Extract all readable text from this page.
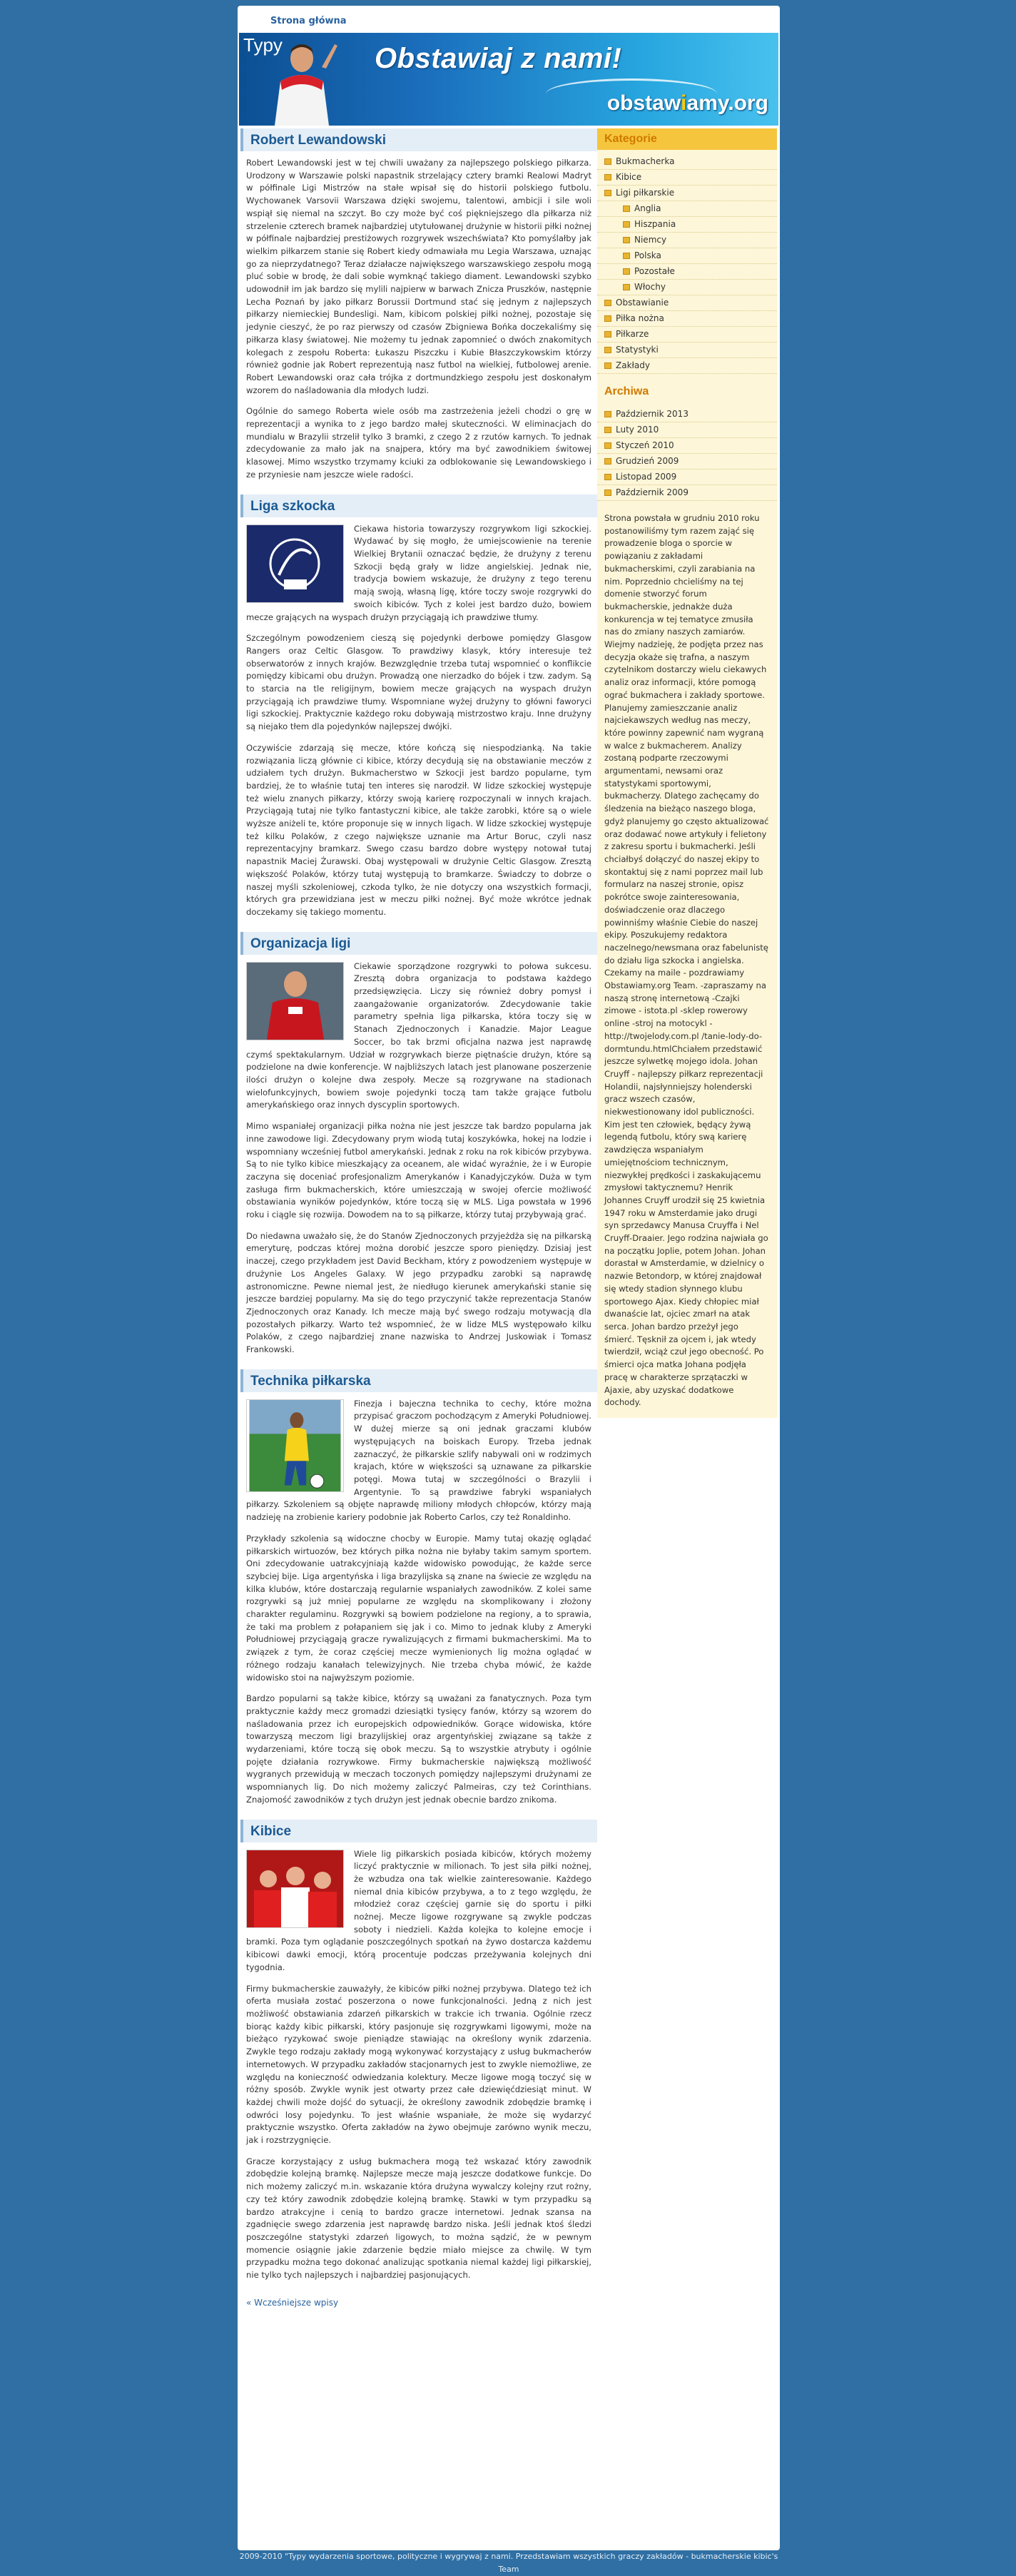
Strona główna
Typy	Obstawiaj z nami!
obstawiamy.org
Robert Lewandowski

Robert Lewandowski jest w tej chwili uważany za najlepszego polskiego piłkarza. Urodzony w Warszawie polski napastnik strzelający cztery bramki Realowi Madryt w półfinale Ligi Mistrzów na stałe wpisał się do historii polskiego futbolu. Wychowanek Varsovii Warszawa dzięki swojemu, talentowi, ambicji i sile woli wspiął się niemal na szczyt. Bo czy może być coś piękniejszego dla piłkarza niż strzelenie czterech bramek najbardziej utytułowanej drużynie w historii piłki nożnej w półfinale najbardziej prestiżowych rozgrywek wszechświata? Kto pomyślałby jak wielkim piłkarzem stanie się Robert kiedy odmawiała mu Legia Warszawa, uznając go za nieprzydatnego? Teraz działacze największego warszawskiego zespołu mogą pluć sobie w brodę, że dali sobie wymknąć takiego diament. Lewandowski szybko udowodnił im jak bardzo się mylili najpierw w barwach Znicza Pruszków, następnie Lecha Poznań by jako piłkarz Borussii Dortmund stać się jednym z najlepszych piłkarzy niemieckiej Bundesligi. Nam, kibicom polskiej piłki nożnej, pozostaje się jedynie cieszyć, że po raz pierwszy od czasów Zbigniewa Bońka doczekaliśmy się piłkarza klasy światowej. Nie możemy tu jednak zapomnieć o dwóch znakomitych kolegach z zespołu Roberta: Łukaszu Piszczku i Kubie Błaszczykowskim którzy również godnie jak Robert reprezentują nasz futbol na wielkiej, futbolowej arenie. Robert Lewandowski oraz cała trójka z dortmundzkiego zespołu jest doskonałym wzorem do naśladowania dla młodych ludzi.

Ogólnie do samego Roberta wiele osób ma zastrzeżenia jeżeli chodzi o grę w reprezentacji a wynika to z jego bardzo małej skuteczności. W eliminacjach do mundialu w Brazylii strzelił tylko 3 bramki, z czego 2 z rzutów karnych. To jednak zdecydowanie za mało jak na snajpera, który ma być zawodnikiem świtowej klasowej. Mimo wszystko trzymamy kciuki za odblokowanie się Lewandowskiego i ze przyniesie nam jeszcze wiele radości.

Liga szkocka

Ciekawa historia towarzyszy rozgrywkom ligi szkockiej. Wydawać by się mogło, że umiejscowienie na terenie Wielkiej Brytanii oznaczać będzie, że drużyny z terenu Szkocji będą grały w lidze angielskiej. Jednak nie, tradycja bowiem wskazuje, że drużyny z tego terenu mają swoją, własną ligę, które toczy swoje rozgrywki do swoich kibiców. Tych z kolei jest bardzo dużo, bowiem mecze grających na wyspach drużyn przyciągają ich prawdziwe tłumy.

Szczególnym powodzeniem cieszą się pojedynki derbowe pomiędzy Glasgow Rangers oraz Celtic Glasgow. To prawdziwy klasyk, który interesuje też obserwatorów z innych krajów. Bezwzględnie trzeba tutaj wspomnieć o konflikcie pomiędzy kibicami obu drużyn. Prowadzą one nierzadko do bójek i tzw. zadym. Są to starcia na tle religijnym, bowiem mecze grających na wyspach drużyn przyciągają ich prawdziwe tłumy. Wspomniane wyżej drużyny to główni faworyci ligi szkockiej. Praktycznie każdego roku dobywają mistrzostwo kraju. Inne drużyny są niejako tłem dla pojedynków najlepszej dwójki.

Oczywiście zdarzają się mecze, które kończą się niespodzianką. Na takie rozwiązania liczą głównie ci kibice, którzy decydują się na obstawianie meczów z udziałem tych drużyn. Bukmacherstwo w Szkocji jest bardzo popularne, tym bardziej, że to właśnie tutaj ten interes się narodził. W lidze szkockiej występuje też wielu znanych piłkarzy, którzy swoją karierę rozpoczynali w innych krajach. Przyciągają tutaj nie tylko fantastyczni kibice, ale także zarobki, które są o wiele wyższe aniżeli te, które proponuje się w innych ligach. W lidze szkockiej występuje też kilku Polaków, z czego największe uznanie ma Artur Boruc, czyli nasz reprezentacyjny bramkarz. Swego czasu bardzo dobre występy notował tutaj napastnik Maciej Żurawski. Obaj występowali w drużynie Celtic Glasgow. Zresztą większość Polaków, którzy tutaj występują to bramkarze. Świadczy to dobrze o naszej myśli szkoleniowej, czkoda tylko, że nie dotyczy ona wszystkich formacji, których gra przewidziana jest w meczu piłki nożnej. Być może wkrótce jednak doczekamy się takiego momentu.

Organizacja ligi

Ciekawie sporządzone rozgrywki to połowa sukcesu. Zresztą dobra organizacja to podstawa każdego przedsięwzięcia. Liczy się również dobry pomysł i zaangażowanie organizatorów. Zdecydowanie takie parametry spełnia liga piłkarska, która toczy się w Stanach Zjednoczonych i Kanadzie. Major League Soccer, bo tak brzmi oficjalna nazwa jest naprawdę czymś spektakularnym. Udział w rozgrywkach bierze piętnaście drużyn, które są podzielone na dwie konferencje. W najbliższych latach jest planowane poszerzenie ilości drużyn o kolejne dwa zespoły. Mecze są rozgrywane na stadionach wielofunkcyjnych, bowiem swoje pojedynki toczą tam także grające futbolu amerykańskiego oraz innych dyscyplin sportowych.

Mimo wspaniałej organizacji piłka nożna nie jest jeszcze tak bardzo popularna jak inne zawodowe ligi. Zdecydowany prym wiodą tutaj koszykówka, hokej na lodzie i wspomniany wcześniej futbol amerykański. Jednak z roku na rok kibiców przybywa. Są to nie tylko kibice mieszkający za oceanem, ale widać wyraźnie, że i w Europie zaczyna się doceniać profesjonalizm Amerykanów i Kanadyjczyków. Duża w tym zasługa firm bukmacherskich, które umieszczają w swojej ofercie możliwość obstawiania wyników pojedynków, które toczą się w MLS. Liga powstała w 1996 roku i ciągle się rozwija. Dowodem na to są piłkarze, którzy tutaj przybywają grać.

Do niedawna uważało się, że do Stanów Zjednoczonych przyjeżdża się na piłkarską emeryturę, podczas której można dorobić jeszcze sporo pieniędzy. Dzisiaj jest inaczej, czego przykładem jest David Beckham, który z powodzeniem występuje w drużynie Los Angeles Galaxy. W jego przypadku zarobki są naprawdę astronomiczne. Pewne niemal jest, że niedługo kierunek amerykański stanie się jeszcze bardziej popularny. Ma się do tego przyczynić także reprezentacja Stanów Zjednoczonych oraz Kanady. Ich mecze mają być swego rodzaju motywacją dla pozostałych piłkarzy. Warto też wspomnieć, że w lidze MLS występowało kilku Polaków, z czego najbardziej znane nazwiska to Andrzej Juskowiak i Tomasz Frankowski.

Technika piłkarska

Finezja i bajeczna technika to cechy, które można przypisać graczom pochodzącym z Ameryki Południowej. W dużej mierze są oni jednak graczami klubów występujących na boiskach Europy. Trzeba jednak zaznaczyć, że piłkarskie szlify nabywali oni w rodzimych krajach, które w większości są uznawane za piłkarskie potęgi. Mowa tutaj w szczególności o Brazylii i Argentynie. To są prawdziwe fabryki wspaniałych piłkarzy. Szkoleniem są objęte naprawdę miliony młodych chłopców, którzy mają nadzieję na zrobienie kariery podobnie jak Roberto Carlos, czy też Ronaldinho.

Przykłady szkolenia są widoczne chocby w Europie. Mamy tutaj okazję oglądać piłkarskich wirtuozów, bez których piłka nożna nie byłaby takim samym sportem. Oni zdecydowanie uatrakcyjniają każde widowisko powodując, że każde serce szybciej bije. Liga argentyńska i liga brazylijska są znane na świecie ze względu na kilka klubów, które dostarczają regularnie wspaniałych zawodników. Z kolei same rozgrywki są już mniej popularne ze względu na skomplikowany i złożony charakter regulaminu. Rozgrywki są bowiem podzielone na regiony, a to sprawia, że taki ma problem z połapaniem się jak i co. Mimo to jednak kluby z Ameryki Południowej przyciągają gracze rywalizujących z firmami bukmacherskimi. Ma to związek z tym, że coraz częściej mecze wymienionych lig można oglądać w różnego rodzaju kanałach telewizyjnych. Nie trzeba chyba mówić, że każde widowisko stoi na najwyższym poziomie.

Bardzo popularni są także kibice, którzy są uważani za fanatycznych. Poza tym praktycznie każdy mecz gromadzi dziesiątki tysięcy fanów, którzy są wzorem do naśladowania przez ich europejskich odpowiedników. Gorące widowiska, które towarzyszą meczom ligi brazylijskiej oraz argentyńskiej związane są także z wydarzeniami, które toczą się obok meczu. Są to wszystkie atrybuty i ogólnie pojęte działania rozrywkowe. Firmy bukmacherskie największą możliwość wygranych przewidują w meczach toczonych pomiędzy najlepszymi drużynami ze wspomnianych lig. Do nich możemy zaliczyć Palmeiras, czy też Corinthians. Znajomość zawodników z tych drużyn jest jednak obecnie bardzo znikoma.

Kibice

Wiele lig piłkarskich posiada kibiców, których możemy liczyć praktycznie w milionach. To jest siła piłki nożnej, że wzbudza ona tak wielkie zainteresowanie. Każdego niemal dnia kibiców przybywa, a to z tego względu, że młodzież coraz częściej garnie się do sportu i piłki nożnej. Mecze ligowe rozgrywane są zwykle podczas soboty i niedzieli. Każda kolejka to kolejne emocje i bramki. Poza tym oglądanie poszczególnych spotkań na żywo dostarcza każdemu kibicowi dawki emocji, którą procentuje podczas przeżywania kolejnych dni tygodnia.

Firmy bukmacherskie zauważyły, że kibiców piłki nożnej przybywa. Dlatego też ich oferta musiała zostać poszerzona o nowe funkcjonalności. Jedną z nich jest możliwość obstawiania zdarzeń piłkarskich w trakcie ich trwania. Ogólnie rzecz biorąc każdy kibic piłkarski, który pasjonuje się rozgrywkami ligowymi, może na bieżąco ryzykować swoje pieniądze stawiając na określony wynik zdarzenia. Zwykle tego rodzaju zakłady mogą wykonywać korzystający z usług bukmacherów internetowych. W przypadku zakładów stacjonarnych jest to zwykle niemożliwe, ze względu na konieczność odwiedzania kolektury. Mecze ligowe mogą toczyć się w różny sposób. Zwykle wynik jest otwarty przez całe dziewięćdziesiąt minut. W każdej chwili może dojść do sytuacji, że określony zawodnik zdobędzie bramkę i odwróci losy pojedynku. To jest właśnie wspaniałe, że może się wydarzyć praktycznie wszystko. Oferta zakładów na żywo obejmuje zarówno wynik meczu, jak i rozstrzygnięcie.

Gracze korzystający z usług bukmachera mogą też wskazać który zawodnik zdobędzie kolejną bramkę. Najlepsze mecze mają jeszcze dodatkowe funkcje. Do nich możemy zaliczyć m.in. wskazanie która drużyna wywalczy kolejny rzut rożny, czy też który zawodnik zdobędzie kolejną bramkę. Stawki w tym przypadku są bardzo atrakcyjne i cenią to bardzo gracze internetowi. Jednak szansa na zgadnięcie swego zdarzenia jest naprawdę bardzo niska. Jeśli jednak ktoś śledzi poszczególne statystyki zdarzeń ligowych, to można sądzić, że w pewnym momencie osiągnie jakie zdarzenie będzie miało miejsce za chwilę. W tym przypadku można tego dokonać analizując spotkania niemal każdej ligi piłkarskiej, nie tylko tych najlepszych i najbardziej pasjonujących.

« Wcześniejsze wpisy
Kategorie
Bukmacherka
Kibice
Ligi piłkarskie
Anglia
Hiszpania
Niemcy
Polska
Pozostałe
Włochy
Obstawianie
Piłka nożna
Piłkarze
Statystyki
Zakłady
Archiwa
Październik 2013
Luty 2010
Styczeń 2010
Grudzień 2009
Listopad 2009
Październik 2009
Strona powstała w grudniu 2010 roku postanowiliśmy tym razem zająć się prowadzenie bloga o sporcie w powiązaniu z zakładami bukmacherskimi, czyli zarabiania na nim. Poprzednio chcieliśmy na tej domenie stworzyć forum bukmacherskie, jednakże duża konkurencja w tej tematyce zmusiła nas do zmiany naszych zamiarów. Wiejmy nadzieję, że podjęta przez nas decyzja okaże się trafna, a naszym czytelnikom dostarczy wielu ciekawych analiz oraz informacji, które pomogą ograć bukmachera i zakłady sportowe. Planujemy zamieszczanie analiz najciekawszych według nas meczy, które powinny zapewnić nam wygraną w walce z bukmacherem. Analizy zostaną podparte rzeczowymi argumentami, newsami oraz statystykami sportowymi, bukmacherzy. Dlatego zachęcamy do śledzenia na bieżąco naszego bloga, gdyż planujemy go często aktualizować oraz dodawać nowe artykuły i felietony z zakresu sportu i bukmacherki. Jeśli chciałbyś dołączyć do naszej ekipy to skontaktuj się z nami poprzez mail lub formularz na naszej stronie, opisz pokrótce swoje zainteresowania, doświadczenie oraz dlaczego powinniśmy właśnie Ciebie do naszej ekipy. Poszukujemy redaktora naczelnego/newsmana oraz fabelunistę do działu liga szkocka i angielska. Czekamy na maile - pozdrawiamy Obstawiamy.org Team. -zapraszamy na naszą stronę internetową -Czajki zimowe - istota.pl -sklep rowerowy online -stroj na motocykl -http://twojelody.com.pl /tanie-lody-do-dormtundu.htmlChciałem przedstawić jeszcze sylwetkę mojego idola. Johan Cruyff - najlepszy piłkarz reprezentacji Holandii, najsłynniejszy holenderski gracz wszech czasów, niekwestionowany idol publiczności. Kim jest ten człowiek, będący żywą legendą futbolu, który swą karierę zawdzięcza wspaniałym umiejętnościom technicznym, niezwykłej prędkości i zaskakującemu zmysłowi taktycznemu? Henrik Johannes Cruyff urodził się 25 kwietnia 1947 roku w Amsterdamie jako drugi syn sprzedawcy Manusa Cruyffa i Nel Cruyff-Draaier. Jego rodzina najwiała go na początku Joplie, potem Johan. Johan dorastał w Amsterdamie, w dzielnicy o nazwie Betondorp, w której znajdował się wtedy stadion słynnego klubu sportowego Ajax. Kiedy chłopiec miał dwanaście lat, ojciec zmarł na atak serca. Johan bardzo przeżył jego śmierć. Tęsknił za ojcem i, jak wtedy twierdził, wciąż czuł jego obecność. Po śmierci ojca matka Johana podjęła pracę w charakterze sprzątaczki w Ajaxie, aby uzyskać dodatkowe dochody.
2009-2010 "Typy wydarzenia sportowe, polityczne i wygrywaj z nami. Przedstawiam wszystkich graczy zakładów - bukmacherskie kibic's Team
